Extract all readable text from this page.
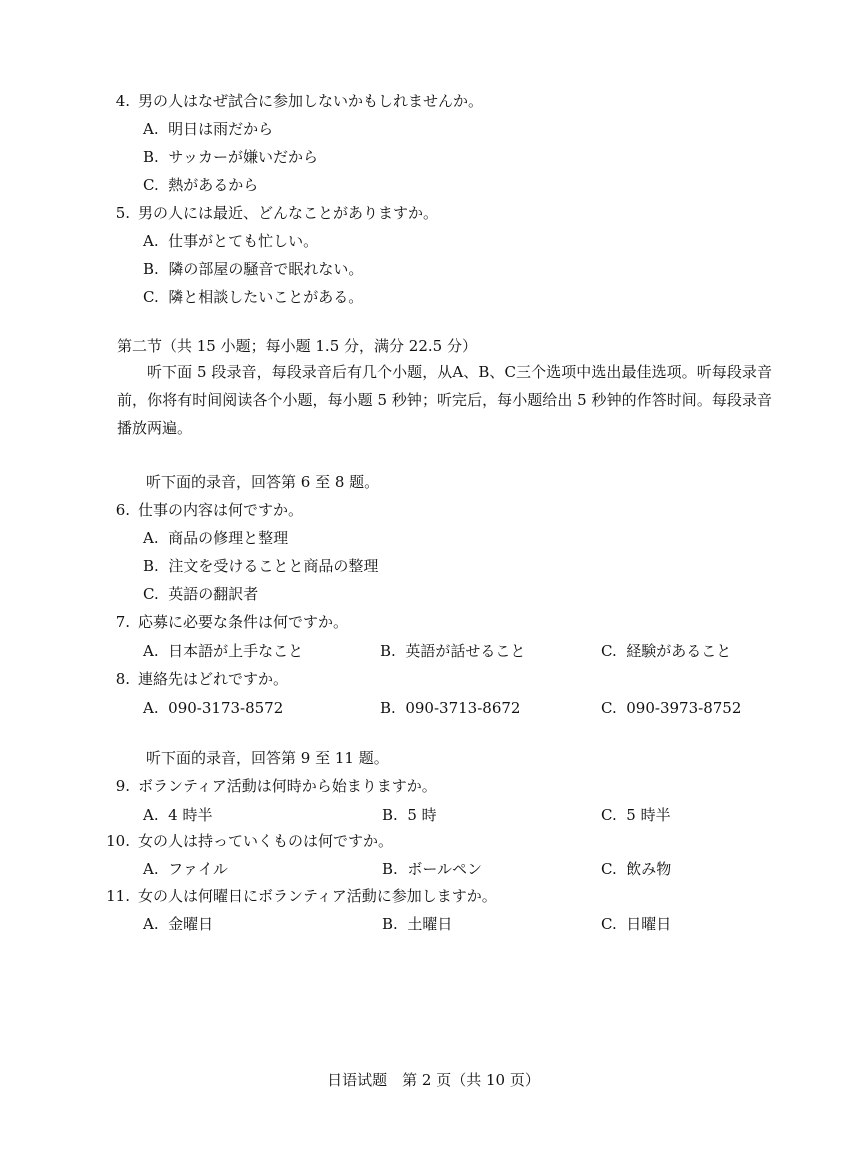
4. 男の人はなぜ試合に参加しないかもしれませんか。
A. 明日は雨だから
B. サッカーが嫌いだから
C. 熱があるから
5. 男の人には最近、どんなことがありますか。
A. 仕事がとても忙しい。
B. 隣の部屋の騒音で眠れない。
C. 隣と相談したいことがある。
第二节（共 15 小题；每小题 1.5 分，满分 22.5 分）
听下面 5 段录音，每段录音后有几个小题，从A、B、C三个选项中选出最佳选项。听每段录音前，你将有时间阅读各个小题，每小题 5 秒钟；听完后，每小题给出 5 秒钟的作答时间。每段录音播放两遍。
听下面的录音，回答第 6 至 8 题。
6. 仕事の内容は何ですか。
A. 商品の修理と整理
B. 注文を受けることと商品の整理
C. 英語の翻訳者
7. 応募に必要な条件は何ですか。
A. 日本語が上手なこと	B. 英語が話せること	C. 経験があること
8. 連絡先はどれですか。
A. 090-3173-8572	B. 090-3713-8672	C. 090-3973-8752
听下面的录音，回答第 9 至 11 题。
9. ボランティア活動は何時から始まりますか。
A. 4 時半	B. 5 時	C. 5 時半
10. 女の人は持っていくものは何ですか。
A. ファイル	B. ボールペン	C. 飲み物
11. 女の人は何曜日にボランティア活動に参加しますか。
A. 金曜日	B. 土曜日	C. 日曜日
日语试题　第 2 页（共 10 页）
